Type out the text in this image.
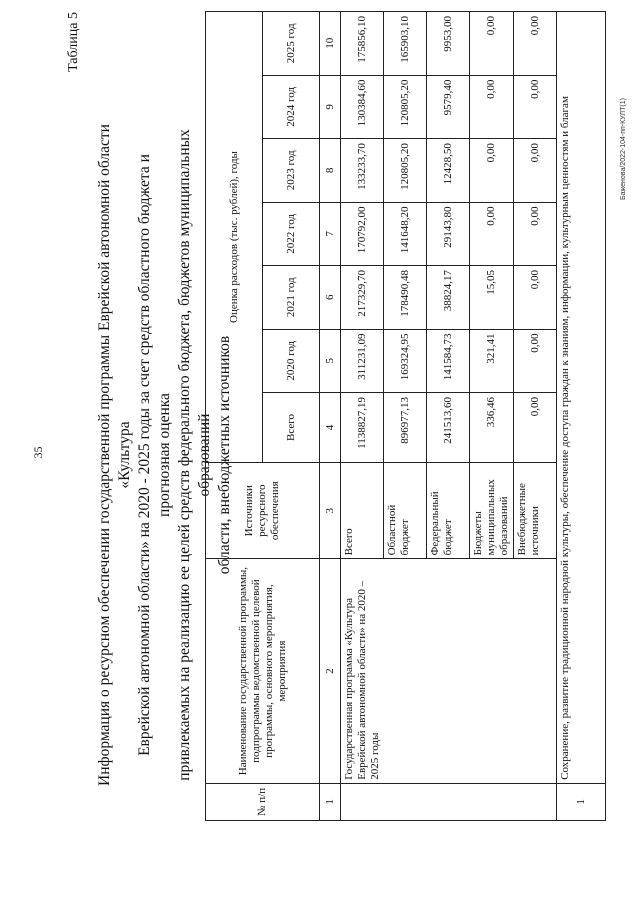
35
Таблица 5
Информация о ресурсном обеспечении государственной программы Еврейской автономной области «Культура Еврейской автономной области» на 2020 - 2025 годы за счет средств областного бюджета и прогнозная оценка привлекаемых на реализацию ее целей средств федерального бюджета, бюджетов муниципальных образований области, внебюджетных источников
№ п/п	Наименование государственной программы, подпрограммы ведомственной целевой программы, основного мероприятия, мероприятия	Источники ресурсного обеспечения	Оценка расходов (тыс. рублей), годы						
			Всего	2020 год	2021 год	2022 год	2023 год	2024 год	2025 год
1	2	3	4	5	6	7	8	9	10
	Государственная программа «Культура Еврейской автономной области» на 2020 – 2025 годы	Всего	1138827,19	311231,09	217329,70	170792,00	133233,70	130384,60	175856,10
		Областной бюджет	896977,13	169324,95	178490,48	141648,20	120805,20	120805,20	165903,10
		Федеральный бюджет	241513,60	141584,73	38824,17	29143,80	12428,50	9579,40	9953,00
		Бюджеты муниципальных образований	336,46	321,41	15,05	0,00	0,00	0,00	0,00
		Внебюджетные источники	0,00	0,00	0,00	0,00	0,00	0,00	0,00
1	Сохранение, развитие традиционной народной культуры, обеспечение доступа граждан к знаниям, информации, культурным ценностям и благам									Баженова/2022-104-пп-КУЛТ(1)
